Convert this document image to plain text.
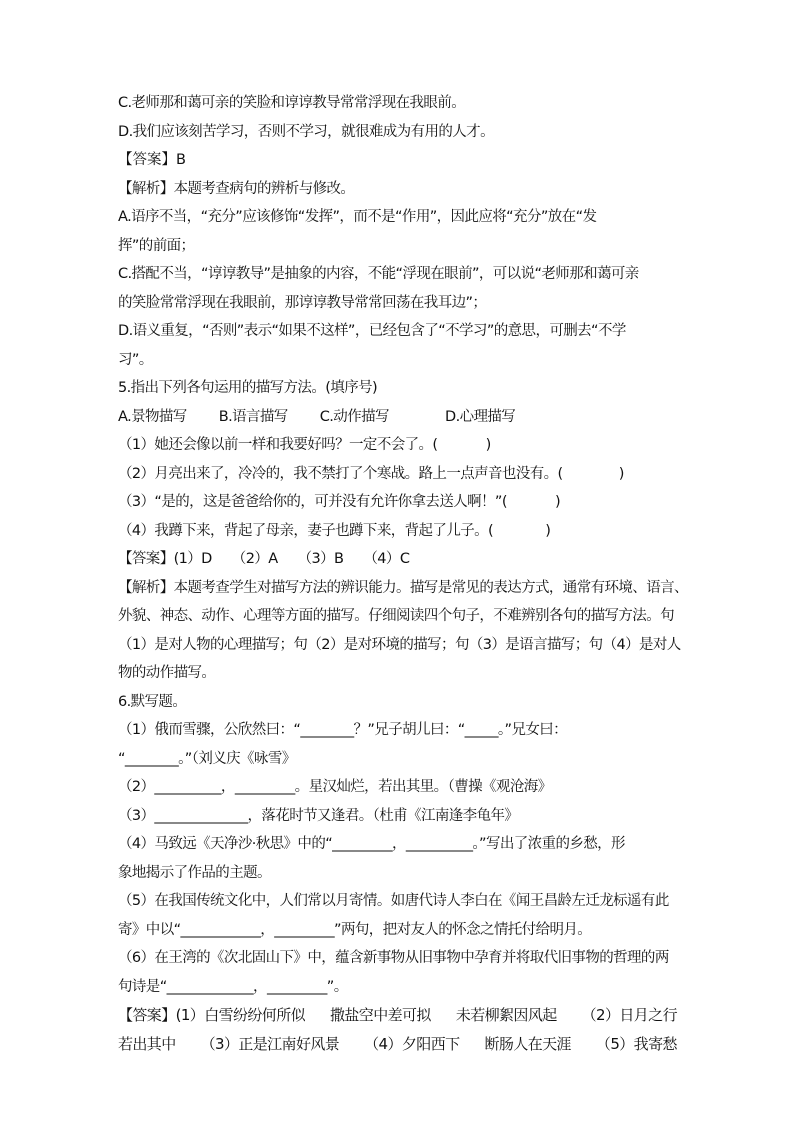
C.老师那和蔼可亲的笑脸和谆谆教导常常浮现在我眼前。
D.我们应该刻苦学习，否则不学习，就很难成为有用的人才。
【答案】B
【解析】本题考查病句的辨析与修改。
A.语序不当，“充分”应该修饰“发挥”，而不是“作用”，因此应将“充分”放在“发
挥”的前面；
C.搭配不当，“谆谆教导”是抽象的内容，不能“浮现在眼前”，可以说“老师那和蔼可亲
的笑脸常常浮现在我眼前，那谆谆教导常常回荡在我耳边”；
D.语义重复，“否则”表示“如果不这样”，已经包含了“不学习”的意思，可删去“不学
习”。
5.指出下列各句运用的描写方法。(填序号)
A.景物描写        B.语言描写        C.动作描写              D.心理描写
（1）她还会像以前一样和我要好吗？一定不会了。(            )
（2）月亮出来了，冷冷的，我不禁打了个寒战。路上一点声音也没有。(              )
（3）“是的，这是爸爸给你的，可并没有允许你拿去送人啊！”(            )
（4）我蹲下来，背起了母亲，妻子也蹲下来，背起了儿子。(             )
【答案】(1）D     （2）A     （3）B     （4）C
【解析】本题考查学生对描写方法的辨识能力。描写是常见的表达方式，通常有环境、语言、
外貌、神态、动作、心理等方面的描写。仔细阅读四个句子，不难辨别各句的描写方法。句
（1）是对人物的心理描写；句（2）是对环境的描写；句（3）是语言描写；句（4）是对人
物的动作描写。
6.默写题。
（1）俄而雪骤，公欣然曰：“________？”兄子胡儿曰：“_____。”兄女曰：
“________。”（刘义庆《咏雪》
（2）__________，_________。星汉灿烂，若出其里。（曹操《观沧海》
（3）______________，落花时节又逢君。（杜甫《江南逢李龟年》
（4）马致远《天净沙·秋思》中的“_________，__________。”写出了浓重的乡愁，形
象地揭示了作品的主题。
（5）在我国传统文化中，人们常以月寄情。如唐代诗人李白在《闻王昌龄左迁龙标遥有此
寄》中以“____________，_________”两句，把对友人的怀念之情托付给明月。
（6）在王湾的《次北固山下》中，蕴含新事物从旧事物中孕育并将取代旧事物的哲理的两
句诗是“_____________，_________”。
【答案】(1）白雪纷纷何所似      撒盐空中差可拟      未若柳絮因风起      （2）日月之行
若出其中      （3）正是江南好风景      （4）夕阳西下      断肠人在天涯      （5）我寄愁
